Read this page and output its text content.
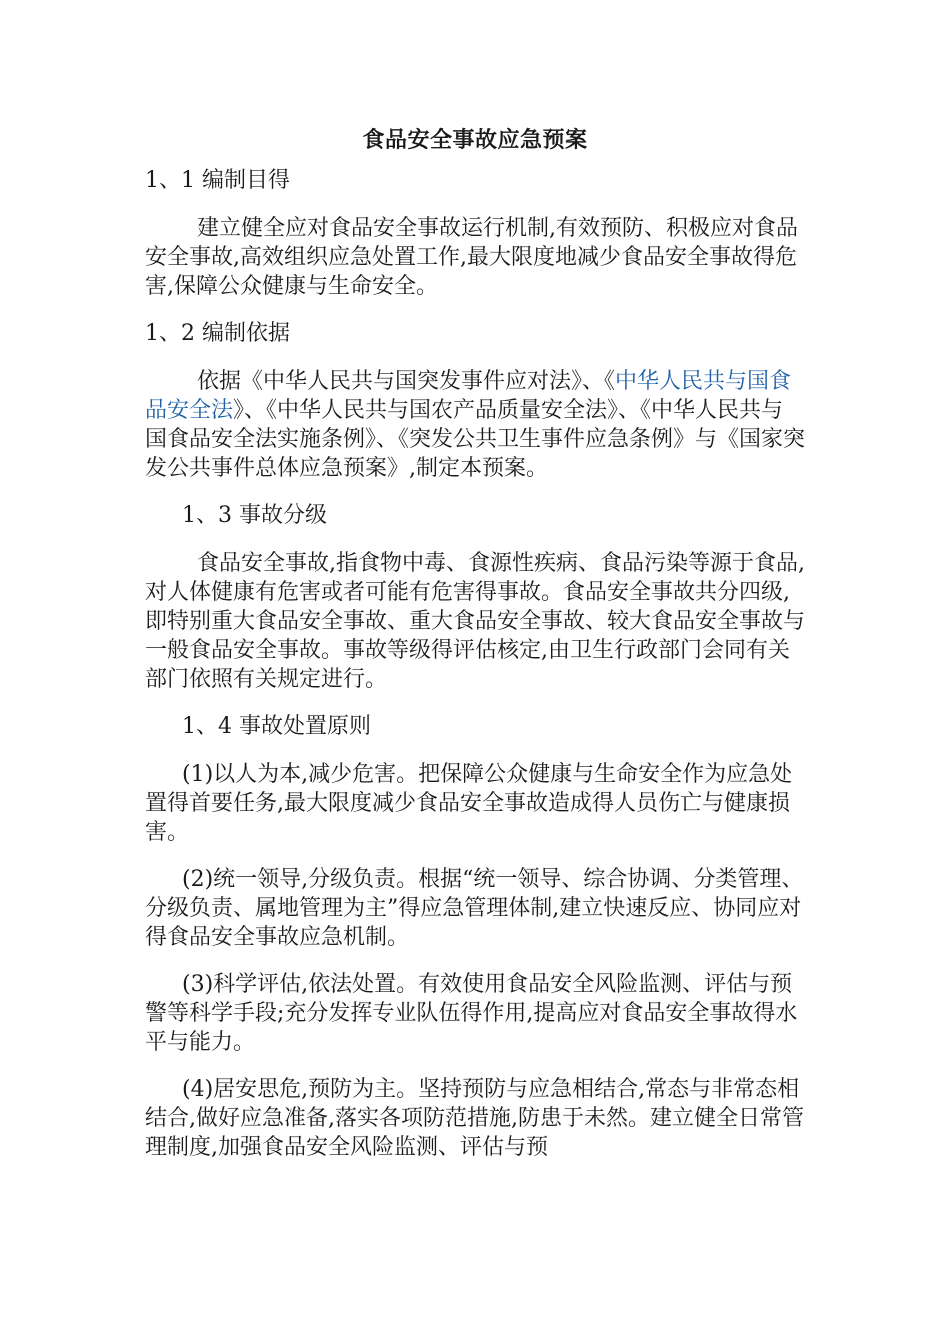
食品安全事故应急预案
1、1 编制目得
建立健全应对食品安全事故运行机制,有效预防、积极应对食品安全事故,高效组织应急处置工作,最大限度地减少食品安全事故得危害,保障公众健康与生命安全。
1、2 编制依据
依据《中华人民共与国突发事件应对法》、《中华人民共与国食品安全法》、《中华人民共与国农产品质量安全法》、《中华人民共与国食品安全法实施条例》、《突发公共卫生事件应急条例》与《国家突发公共事件总体应急预案》,制定本预案。
1、3 事故分级
食品安全事故,指食物中毒、食源性疾病、食品污染等源于食品,对人体健康有危害或者可能有危害得事故。食品安全事故共分四级,即特别重大食品安全事故、重大食品安全事故、较大食品安全事故与一般食品安全事故。事故等级得评估核定,由卫生行政部门会同有关部门依照有关规定进行。
1、4 事故处置原则
(1)以人为本,减少危害。把保障公众健康与生命安全作为应急处置得首要任务,最大限度减少食品安全事故造成得人员伤亡与健康损害。
(2)统一领导,分级负责。根据“统一领导、综合协调、分类管理、分级负责、属地管理为主”得应急管理体制,建立快速反应、协同应对得食品安全事故应急机制。
(3)科学评估,依法处置。有效使用食品安全风险监测、评估与预警等科学手段;充分发挥专业队伍得作用,提高应对食品安全事故得水平与能力。
(4)居安思危,预防为主。坚持预防与应急相结合,常态与非常态相结合,做好应急准备,落实各项防范措施,防患于未然。建立健全日常管理制度,加强食品安全风险监测、评估与预
